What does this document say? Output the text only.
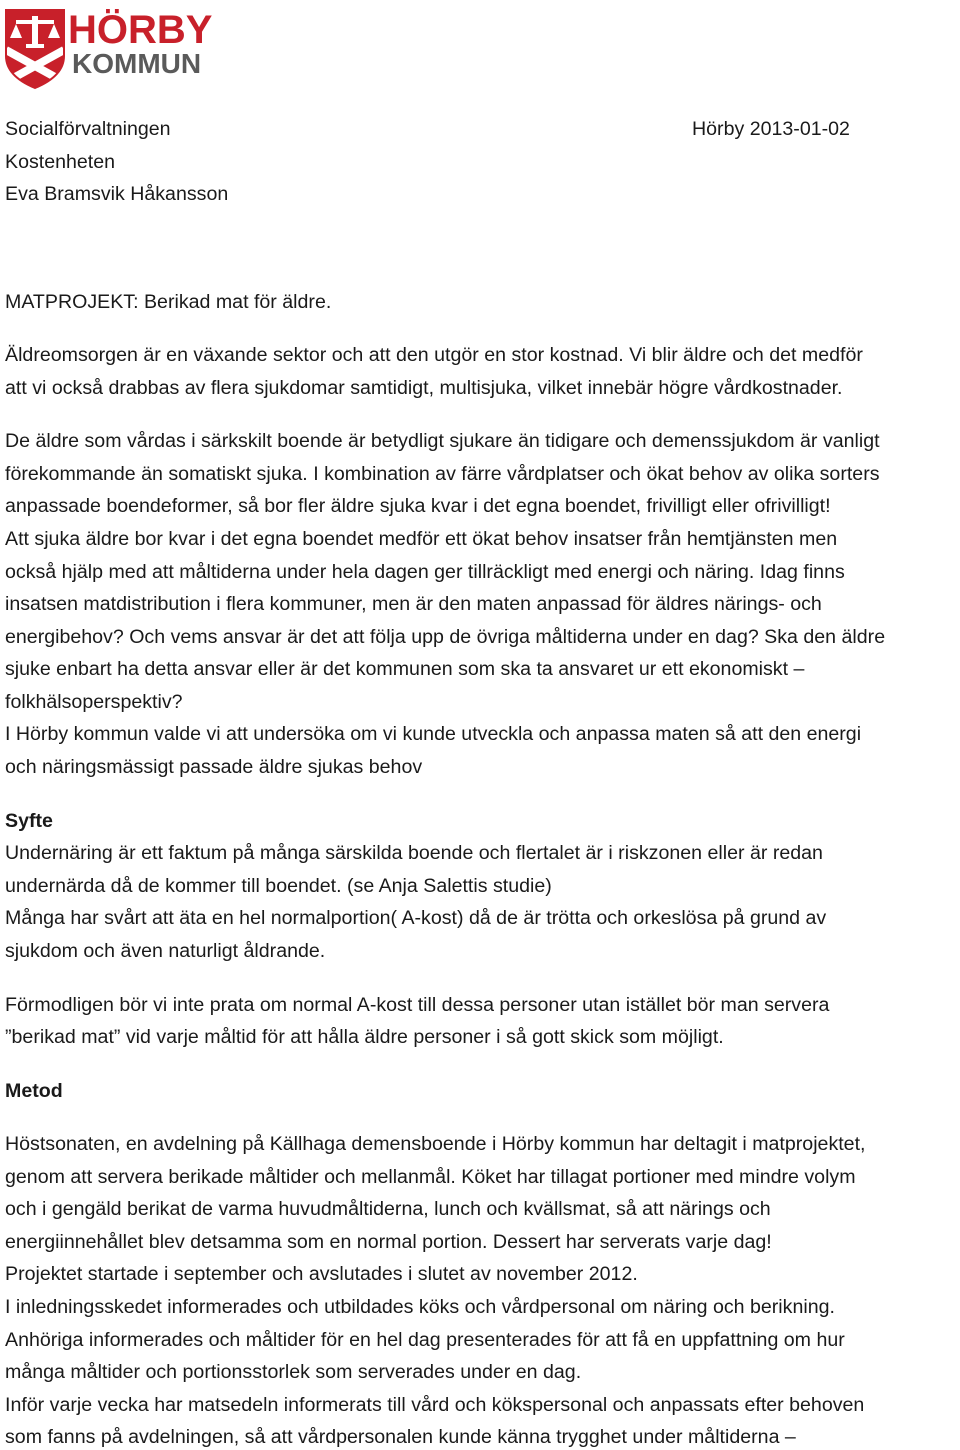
HÖRBY
KOMMUN
Socialförvaltningen
Kostenheten
Eva Bramsvik Håkansson
Hörby 2013-01-02
MATPROJEKT: Berikad mat för äldre.
Äldreomsorgen är en växande sektor och att den utgör en stor kostnad. Vi blir äldre och det medför
att vi också drabbas av flera sjukdomar samtidigt, multisjuka, vilket innebär högre vårdkostnader.
De äldre som vårdas i särkskilt boende är betydligt sjukare än tidigare och demenssjukdom är vanligt
förekommande än somatiskt sjuka. I kombination av färre vårdplatser och ökat behov av olika sorters
anpassade boendeformer, så bor fler äldre sjuka kvar i det egna boendet, frivilligt eller ofrivilligt!
Att sjuka äldre bor kvar i det egna boendet medför ett ökat behov insatser från hemtjänsten men
också hjälp med att måltiderna under hela dagen ger tillräckligt med energi och näring. Idag finns
insatsen matdistribution i flera kommuner, men är den maten anpassad för äldres närings- och
energibehov? Och vems ansvar är det att följa upp de övriga måltiderna under en dag? Ska den äldre
sjuke enbart ha detta ansvar eller är det kommunen som ska ta ansvaret ur ett ekonomiskt –
folkhälsoperspektiv?
I Hörby kommun valde vi att undersöka om vi kunde utveckla och anpassa maten så att den energi
och näringsmässigt passade äldre sjukas behov
Syfte
Undernäring är ett faktum på många särskilda boende och flertalet är i riskzonen eller är redan
undernärda då de kommer till boendet. (se Anja Salettis studie)
Många har svårt att äta en hel normalportion( A-kost) då de är trötta och orkeslösa på grund av
sjukdom och även naturligt åldrande.
Förmodligen bör vi inte prata om normal A-kost till dessa personer utan istället bör man servera
”berikad mat” vid varje måltid för att hålla äldre personer i så gott skick som möjligt.
Metod
Höstsonaten, en avdelning på Källhaga demensboende i Hörby kommun har deltagit i matprojektet,
genom att servera berikade måltider och mellanmål. Köket har tillagat portioner med mindre volym
och i gengäld berikat de varma huvudmåltiderna, lunch och kvällsmat, så att närings och
energiinnehållet blev detsamma som en normal portion. Dessert har serverats varje dag!
Projektet startade i september och avslutades i slutet av november 2012.
I inledningsskedet informerades och utbildades köks och vårdpersonal om näring och berikning.
Anhöriga informerades och måltider för en hel dag presenterades för att få en uppfattning om hur
många måltider och portionsstorlek som serverades under en dag.
Inför varje vecka har matsedeln informerats till vård och kökspersonal och anpassats efter behoven
som fanns på avdelningen, så att vårdpersonalen kunde känna trygghet under måltiderna –
